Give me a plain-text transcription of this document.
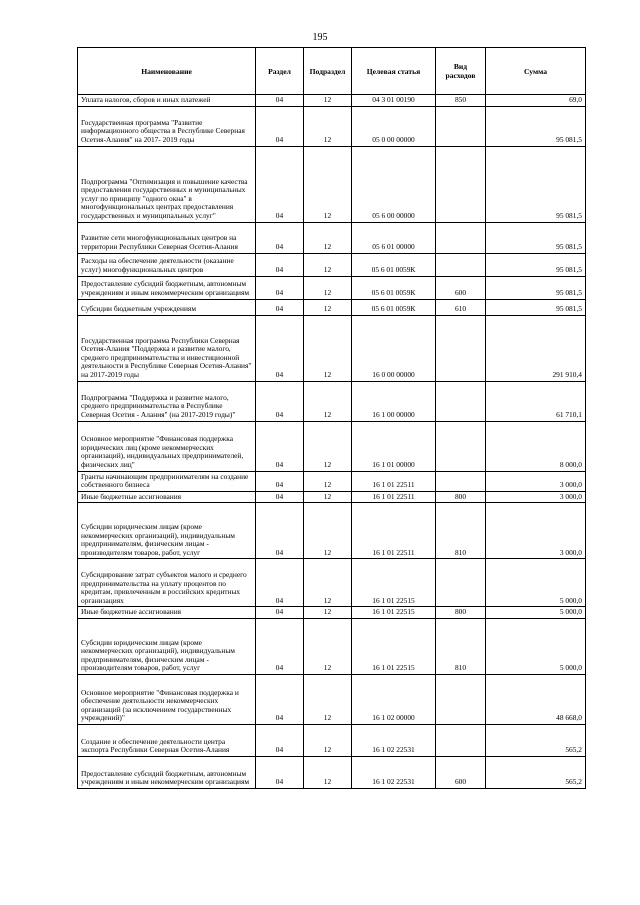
195
Наименование	Раздел	Подраздел	Целевая статья	Вид расходов	Сумма
Уплата налогов, сборов и иных платежей	04	12	04 3 01 00190	850	69,0
Государственная программа "Развитие информационного общества в Республике Северная Осетия-Алания" на 2017- 2019 годы	04	12	05 0 00 00000		95 081,5
Подпрограмма "Оптимизация и повышение качества предоставления государственных и муниципальных услуг по принципу "одного окна" в многофункциональных центрах предоставления государственных и муниципальных услуг"	04	12	05 6 00 00000		95 081,5
Развитие сети многофункциональных центров на территории Республики Северная Осетия-Алания	04	12	05 6 01 00000		95 081,5
Расходы на обеспечение деятельности (оказание услуг) многофункциональных центров	04	12	05 6 01 0059К		95 081,5
Предоставление субсидий бюджетным, автономным учреждениям и иным некоммерческим организациям	04	12	05 6 01 0059К	600	95 081,5
Субсидии бюджетным учреждениям	04	12	05 6 01 0059К	610	95 081,5
Государственная программа Республики Северная Осетия-Алания "Поддержка и развитие малого, среднего предпринимательства и инвестиционной деятельности в Республике Северная Осетия-Алания" на 2017-2019 годы	04	12	16 0 00 00000		291 910,4
Подпрограмма "Поддержка и развитие малого, среднего предпринимательства в Республике Северная Осетия - Алания" (на 2017-2019 годы)"	04	12	16 1 00 00000		61 710,1
Основное мероприятие "Финансовая поддержка юридических лиц (кроме некоммерческих организаций), индивидуальных предпринимателей, физических лиц"	04	12	16 1 01 00000		8 000,0
Гранты начинающим предпринимателям на создание собственного бизнеса	04	12	16 1 01 22511		3 000,0
Иные бюджетные ассигнования	04	12	16 1 01 22511	800	3 000,0
Субсидии юридическим лицам (кроме некоммерческих организаций), индивидуальным предпринимателям, физическим лицам - производителям товаров, работ, услуг	04	12	16 1 01 22511	810	3 000,0
Субсидирование затрат субъектов малого и среднего предпринимательства на уплату процентов по кредитам, привлеченным в российских кредитных организациях	04	12	16 1 01 22515		5 000,0
Иные бюджетные ассигнования	04	12	16 1 01 22515	800	5 000,0
Субсидии юридическим лицам (кроме некоммерческих организаций), индивидуальным предпринимателям, физическим лицам - производителям товаров, работ, услуг	04	12	16 1 01 22515	810	5 000,0
Основное мероприятие "Финансовая поддержка и обеспечение деятельности некоммерческих организаций (за исключением государственных учреждений)"	04	12	16 1 02 00000		48 668,0
Создание и обеспечение деятельности центра экспорта Республики Северная Осетия-Алания	04	12	16 1 02 22531		565,2
Предоставление субсидий бюджетным, автономным учреждениям и иным некоммерческим организациям	04	12	16 1 02 22531	600	565,2
